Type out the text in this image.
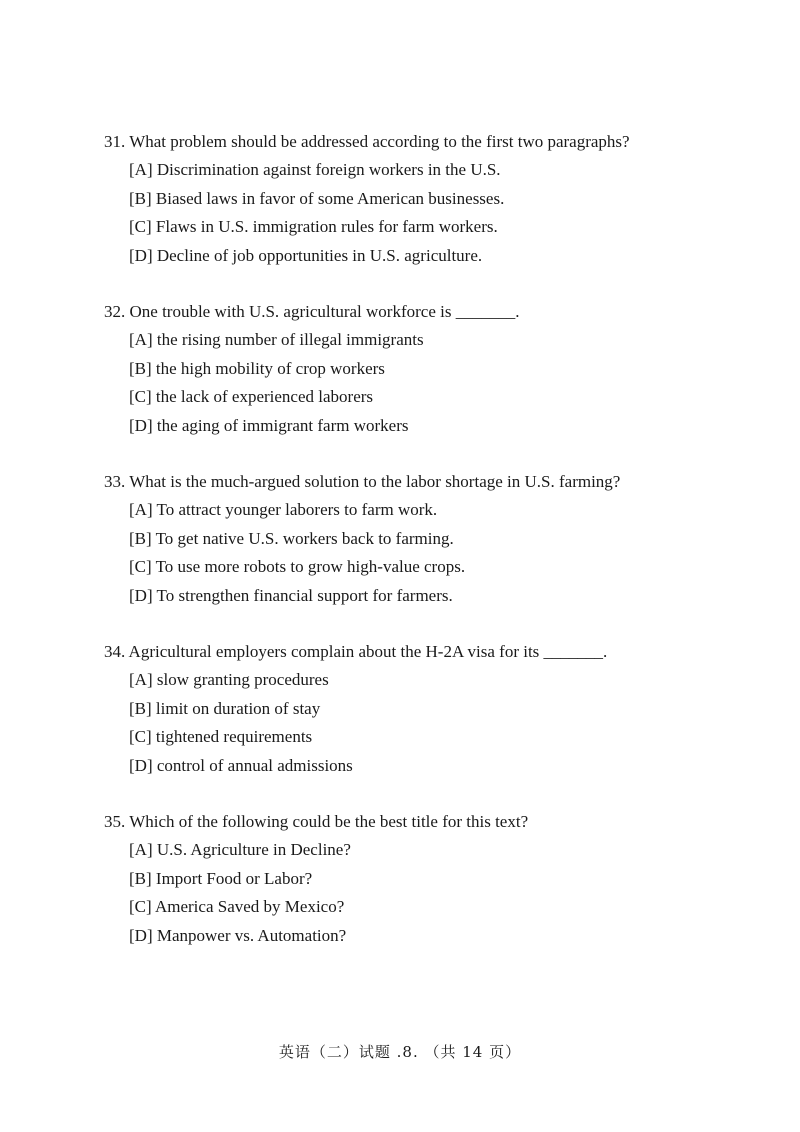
31. What problem should be addressed according to the first two paragraphs?
[A] Discrimination against foreign workers in the U.S.
[B] Biased laws in favor of some American businesses.
[C] Flaws in U.S. immigration rules for farm workers.
[D] Decline of job opportunities in U.S. agriculture.
32. One trouble with U.S. agricultural workforce is _______.
[A] the rising number of illegal immigrants
[B] the high mobility of crop workers
[C] the lack of experienced laborers
[D] the aging of immigrant farm workers
33. What is the much-argued solution to the labor shortage in U.S. farming?
[A] To attract younger laborers to farm work.
[B] To get native U.S. workers back to farming.
[C] To use more robots to grow high-value crops.
[D] To strengthen financial support for farmers.
34. Agricultural employers complain about the H-2A visa for its _______.
[A] slow granting procedures
[B] limit on duration of stay
[C] tightened requirements
[D] control of annual admissions
35. Which of the following could be the best title for this text?
[A] U.S. Agriculture in Decline?
[B] Import Food or Labor?
[C] America Saved by Mexico?
[D] Manpower vs. Automation?
英语（二）试题 .8. （共 14 页）
